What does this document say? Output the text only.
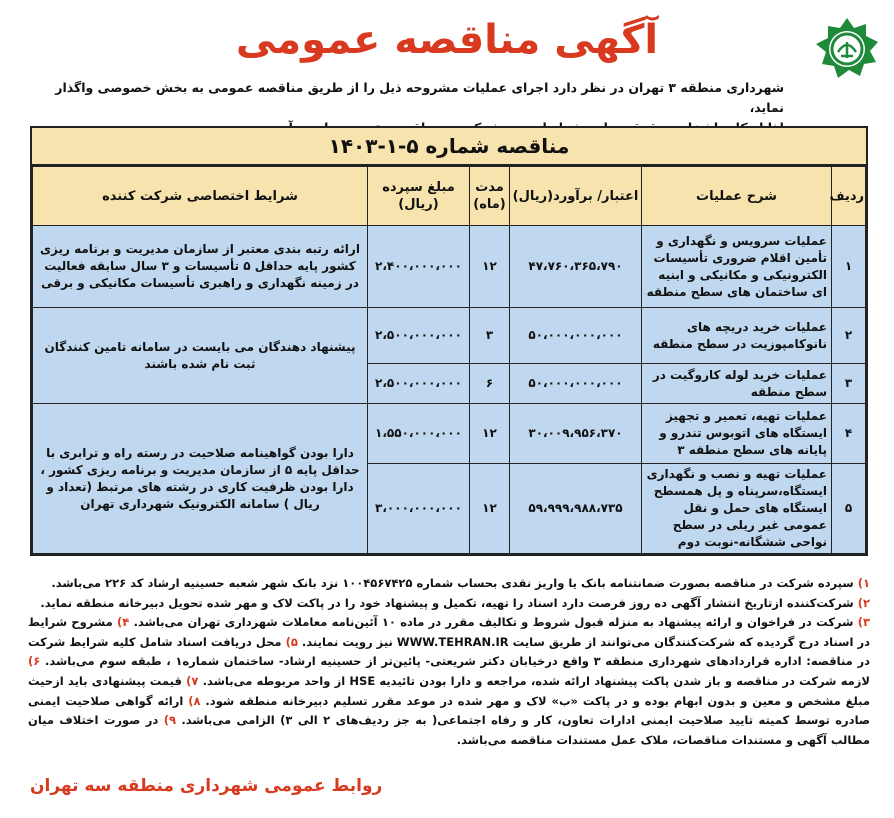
آگهی مناقصه عمومی
شهرداری منطقه ۳ تهران در نظر دارد اجرای عملیات مشروحه ذیل را از طریق مناقصه عمومی به بخش خصوصی واگذار نماید،

مناقصه شماره ۵-۱-۱۴۰۳
ردیف	شرح عملیات	اعتبار/ برآورد(ریال)	مدت (ماه)	مبلغ سپرده (ریال)	شرایط اختصاصی شرکت کننده
۱	عملیات سرویس و نگهداری و تأمین اقلام ضروری تأسیسات الکترونیکی و مکانیکی و ابنیه ای ساختمان های سطح منطقه	۴۷،۷۶۰،۳۶۵،۷۹۰	۱۲	۲،۴۰۰،۰۰۰،۰۰۰	ارائه رتبه بندی معتبر از سازمان مدیریت و برنامه ریزی کشور پایه حداقل ۵ تأسیسات و ۳ سال سابقه فعالیت در زمینه نگهداری و راهبری تأسیسات مکانیکی و برقی
۲	عملیات خرید دریچه های نانوکامپوزیت در سطح منطقه	۵۰،۰۰۰،۰۰۰،۰۰۰	۳	۲،۵۰۰،۰۰۰،۰۰۰	پیشنهاد دهندگان می بایست در سامانه تامین کنندگان ثبت نام شده باشند
۳	عملیات خرید لوله کاروگیت در سطح منطقه	۵۰،۰۰۰،۰۰۰،۰۰۰	۶	۲،۵۰۰،۰۰۰،۰۰۰	
۴	عملیات تهیه، تعمیر و تجهیز ایستگاه های اتوبوس تندرو و پایانه های سطح منطقه ۳	۳۰،۰۰۹،۹۵۶،۳۷۰	۱۲	۱،۵۵۰،۰۰۰،۰۰۰	دارا بودن گواهینامه صلاحیت در رسته راه و ترابری با حداقل پایه ۵ از سازمان مدیریت و برنامه ریزی کشور ، دارا بودن ظرفیت کاری در رشته های مرتبط (تعداد و ریال ) سامانه الکترونیک شهرداری تهران
۵	عملیات تهیه و نصب و نگهداری ایستگاه،سرپناه و پل همسطح ایستگاه های حمل و نقل عمومی غیر ریلی در سطح نواحی ششگانه-نوبت دوم	۵۹،۹۹۹،۹۸۸،۷۳۵	۱۲	۳،۰۰۰،۰۰۰،۰۰۰	
۱) سپرده شرکت در مناقصه بصورت ضمانتنامه بانک یا واریز نقدی بحساب شماره ۱۰۰۴۵۶۷۴۲۵ نزد بانک شهر شعبه حسینیه ارشاد کد ۲۲۶ می‌باشد.
۲) شرکت‌کننده ازتاریخ انتشار آگهی ده روز فرصت دارد اسناد را تهیه، تکمیل و پیشنهاد خود را در پاکت لاک و مهر شده تحویل دبیرخانه منطقه نماید.
۳) شرکت در فراخوان و ارائه پیشنهاد به منزله قبول شروط و تکالیف مقرر در ماده ۱۰ آئین‌نامه معاملات شهرداری تهران می‌باشد. ۴) مشروح شرایط در اسناد درج گردیده که شرکت‌کنندگان می‌توانند از طریق سایت WWW.TEHRAN.IR نیز رویت نمایند. ۵) محل دریافت اسناد شامل کلیه شرایط شرکت در مناقصه: اداره قراردادهای شهرداری منطقه ۳ واقع درخیابان دکتر شریعتی- پائین‌تر از حسینیه ارشاد- ساختمان شماره۱ ، طبقه سوم می‌باشد. ۶) لازمه شرکت در مناقصه و باز شدن پاکت پیشنهاد ارائه شده، مراجعه و دارا بودن تائیدیه HSE از واحد مربوطه می‌باشد. ۷) قیمت پیشنهادی باید ازحیث مبلغ مشخص و معین و بدون ابهام بوده و در پاکت «ب» لاک و مهر شده در موعد مقرر تسلیم دبیرخانه منطقه شود. ۸) ارائه گواهی صلاحیت ایمنی صادره توسط کمیته تایید صلاحیت ایمنی ادارات تعاون، کار و رفاه اجتماعی( به جز ردیف‌های ۲ الی ۳) الزامی می‌باشد. ۹) در صورت اختلاف میان مطالب آگهی و مستندات مناقصات، ملاک عمل مستندات مناقصه می‌باشد.
روابط عمومی شهرداری منطقه سه تهران
